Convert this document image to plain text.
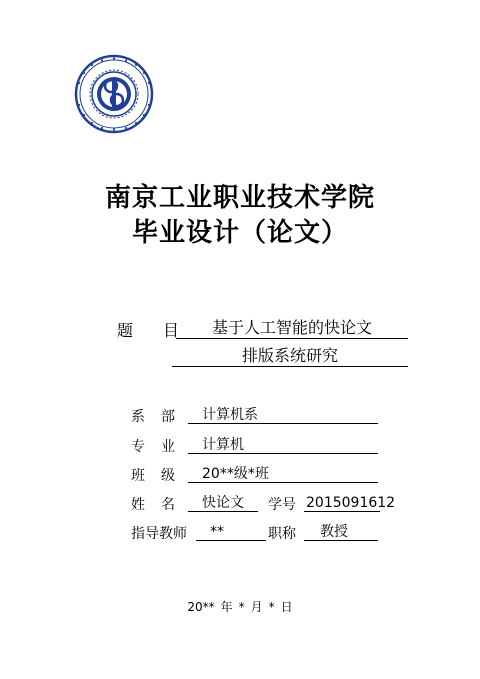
南京工业职业技术学院
毕业设计（论文）
题 目	基于人工智能的快论文
排版系统研究
系 部	计算机系
专 业	计算机
班 级	20**级*班
姓 名	快论文	学号 2015091612
指导教师	**	职称	教授
20** 年 * 月 * 日
